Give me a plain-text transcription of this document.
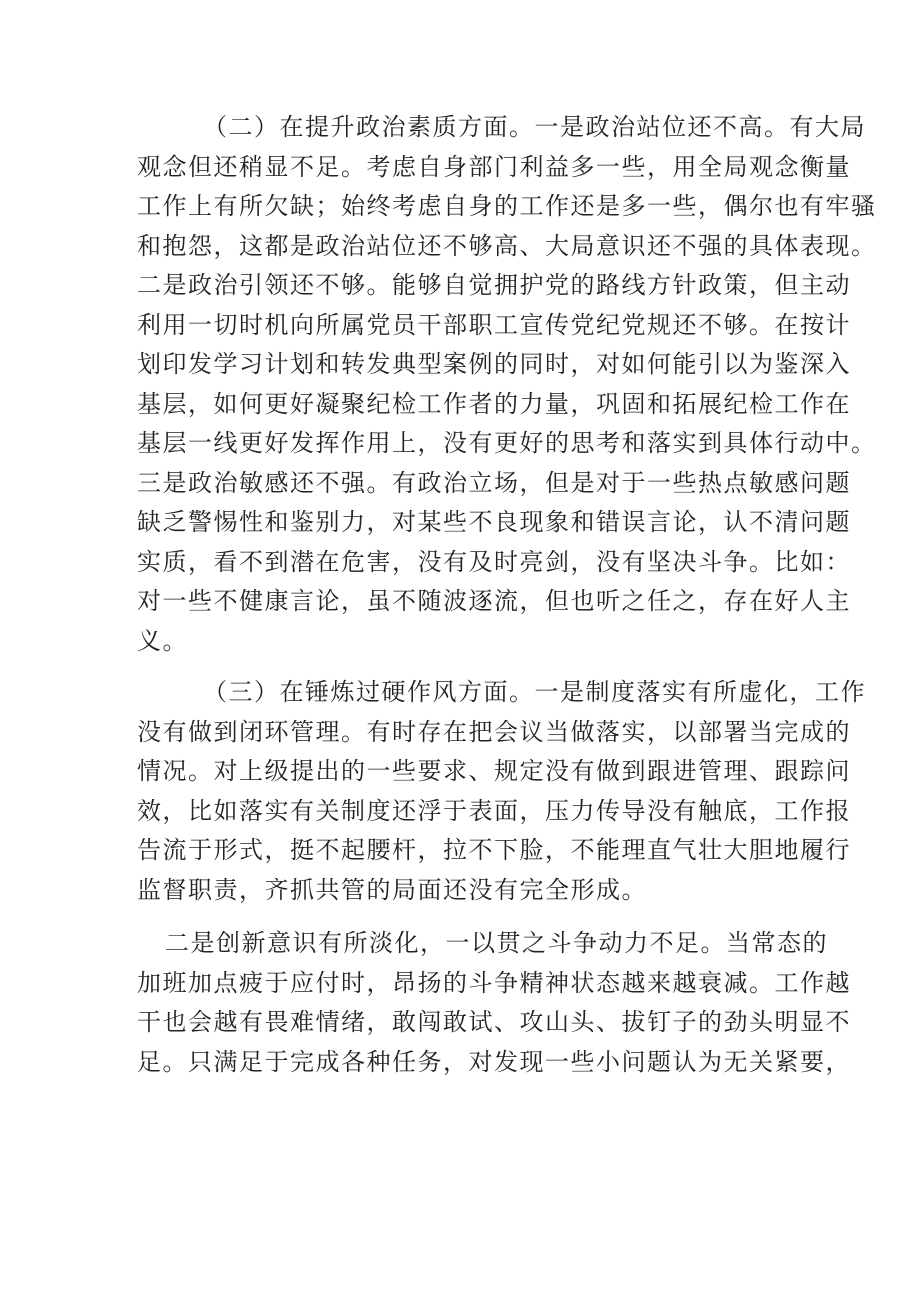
（二）在提升政治素质方面。一是政治站位还不高。有大局
观念但还稍显不足。考虑自身部门利益多一些，用全局观念衡量
工作上有所欠缺；始终考虑自身的工作还是多一些，偶尔也有牢骚
和抱怨，这都是政治站位还不够高、大局意识还不强的具体表现。
二是政治引领还不够。能够自觉拥护党的路线方针政策，但主动
利用一切时机向所属党员干部职工宣传党纪党规还不够。在按计
划印发学习计划和转发典型案例的同时，对如何能引以为鉴深入
基层，如何更好凝聚纪检工作者的力量，巩固和拓展纪检工作在
基层一线更好发挥作用上，没有更好的思考和落实到具体行动中。
三是政治敏感还不强。有政治立场，但是对于一些热点敏感问题
缺乏警惕性和鉴别力，对某些不良现象和错误言论，认不清问题
实质，看不到潜在危害，没有及时亮剑，没有坚决斗争。比如：
对一些不健康言论，虽不随波逐流，但也听之任之，存在好人主
义。
（三）在锤炼过硬作风方面。一是制度落实有所虚化，工作
没有做到闭环管理。有时存在把会议当做落实，以部署当完成的
情况。对上级提出的一些要求、规定没有做到跟进管理、跟踪问
效，比如落实有关制度还浮于表面，压力传导没有触底，工作报
告流于形式，挺不起腰杆，拉不下脸，不能理直气壮大胆地履行
监督职责，齐抓共管的局面还没有完全形成。
二是创新意识有所淡化，一以贯之斗争动力不足。当常态的
加班加点疲于应付时，昂扬的斗争精神状态越来越衰减。工作越
干也会越有畏难情绪，敢闯敢试、攻山头、拔钉子的劲头明显不
足。只满足于完成各种任务，对发现一些小问题认为无关紧要，
